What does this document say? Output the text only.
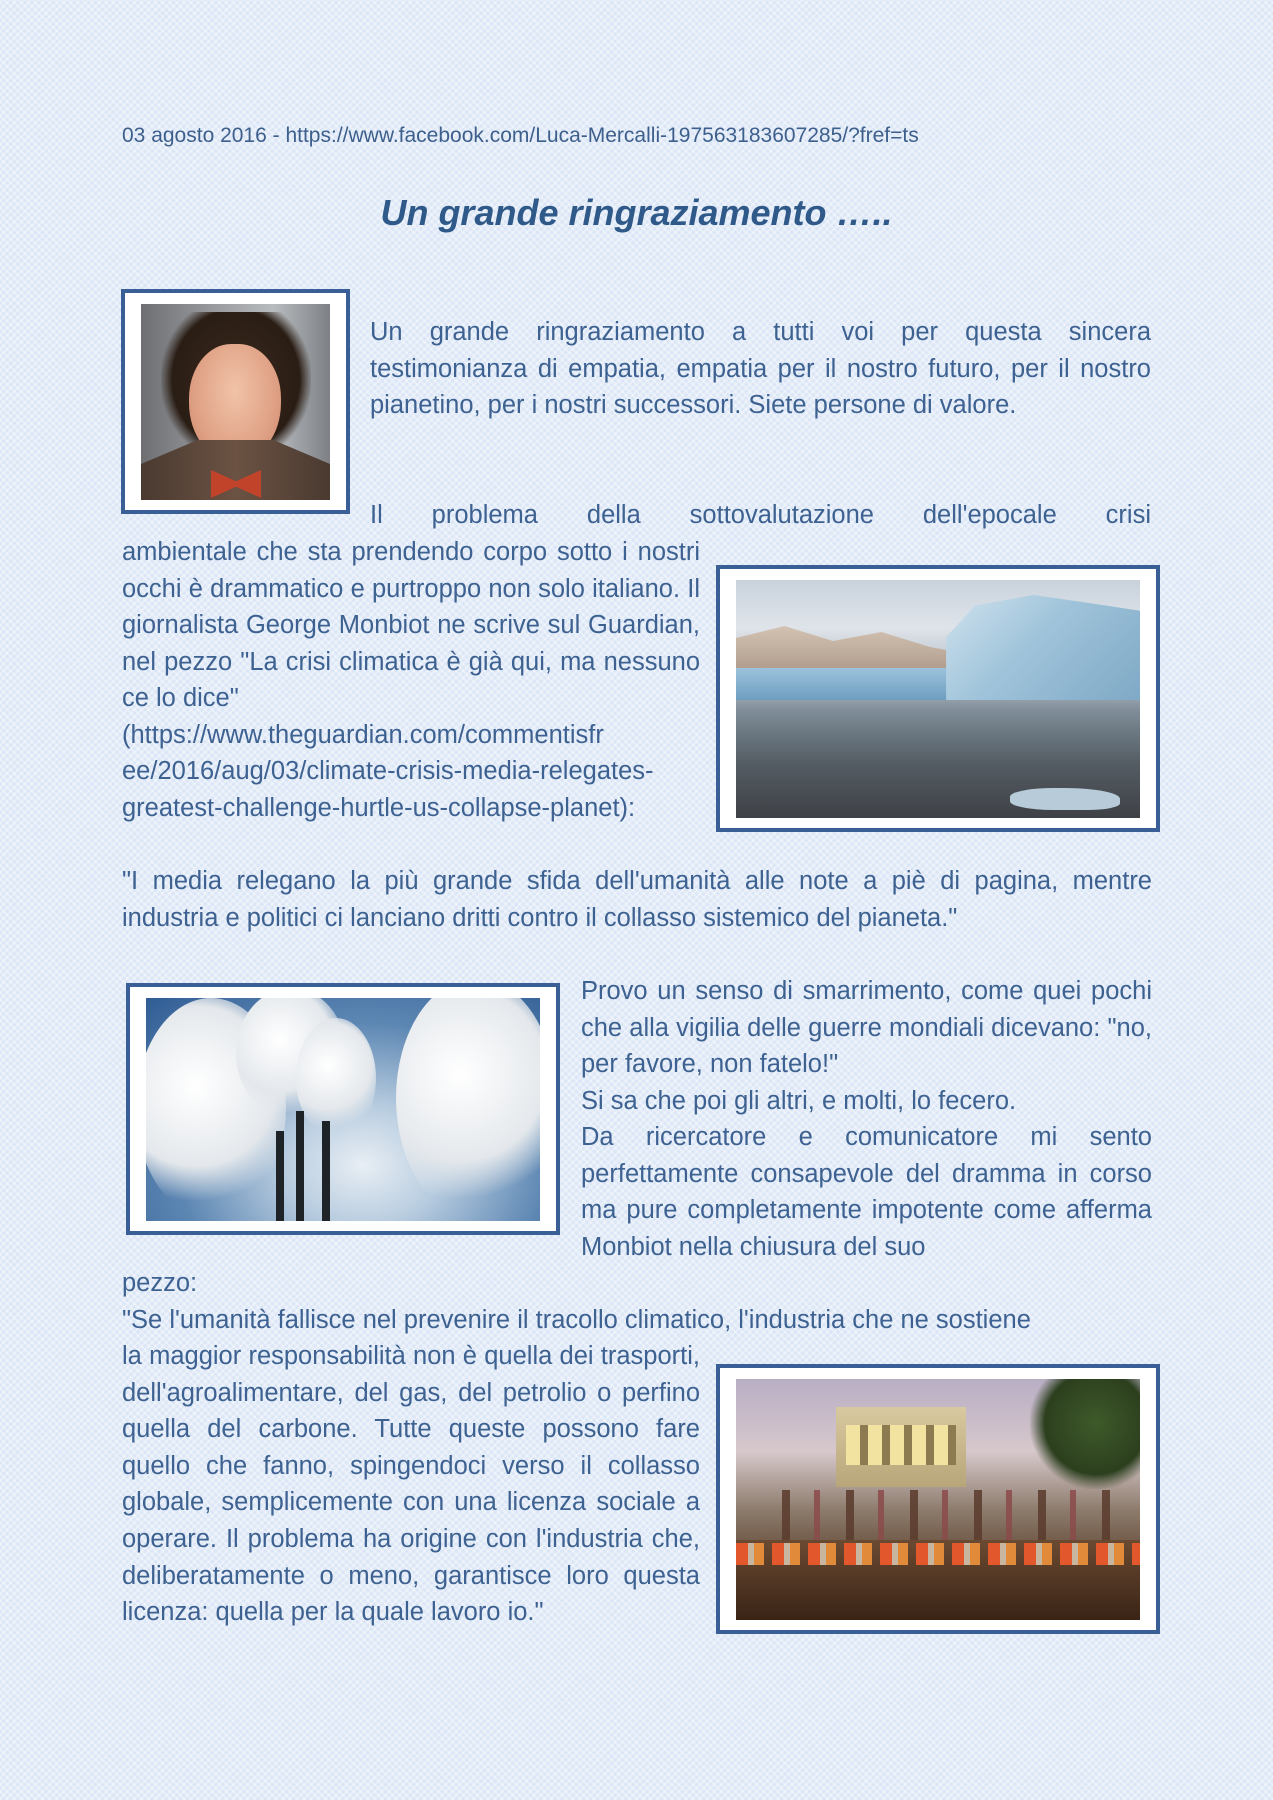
03 agosto 2016 - https://www.facebook.com/Luca-Mercalli-197563183607285/?fref=ts
Un grande ringraziamento …..
Un grande ringraziamento a tutti voi per questa sincera testimonianza di empatia, empatia per il nostro futuro, per il nostro pianetino, per i nostri successori. Siete persone di valore.
Il problema della sottovalutazione dell'epocale crisi
ambientale che sta prendendo corpo sotto i nostri occhi è drammatico e purtroppo non solo italiano. Il giornalista George Monbiot ne scrive sul Guardian, nel pezzo "La crisi climatica è già qui, ma nessuno ce lo dice"
(https://www.theguardian.com/commentisfr
ee/2016/aug/03/climate-crisis-media-relegates-
greatest-challenge-hurtle-us-collapse-planet):
"I media relegano la più grande sfida dell'umanità alle note a piè di pagina, mentre industria e politici ci lanciano dritti contro il collasso sistemico del pianeta."
Provo un senso di smarrimento, come quei pochi che alla vigilia delle guerre mondiali dicevano: "no, per favore, non fatelo!"
Si sa che poi gli altri, e molti, lo fecero.
Da ricercatore e comunicatore mi sento perfettamente consapevole del dramma in corso ma pure completamente impotente come afferma Monbiot nella chiusura del suo
pezzo:
"Se l'umanità fallisce nel prevenire il tracollo climatico, l'industria che ne sostiene
la maggior responsabilità non è quella dei trasporti, dell'agroalimentare, del gas, del petrolio o perfino quella del carbone. Tutte queste possono fare quello che fanno, spingendoci verso il collasso globale, semplicemente con una licenza sociale a operare. Il problema ha origine con l'industria che, deliberatamente o meno, garantisce loro questa licenza: quella per la quale lavoro io."
